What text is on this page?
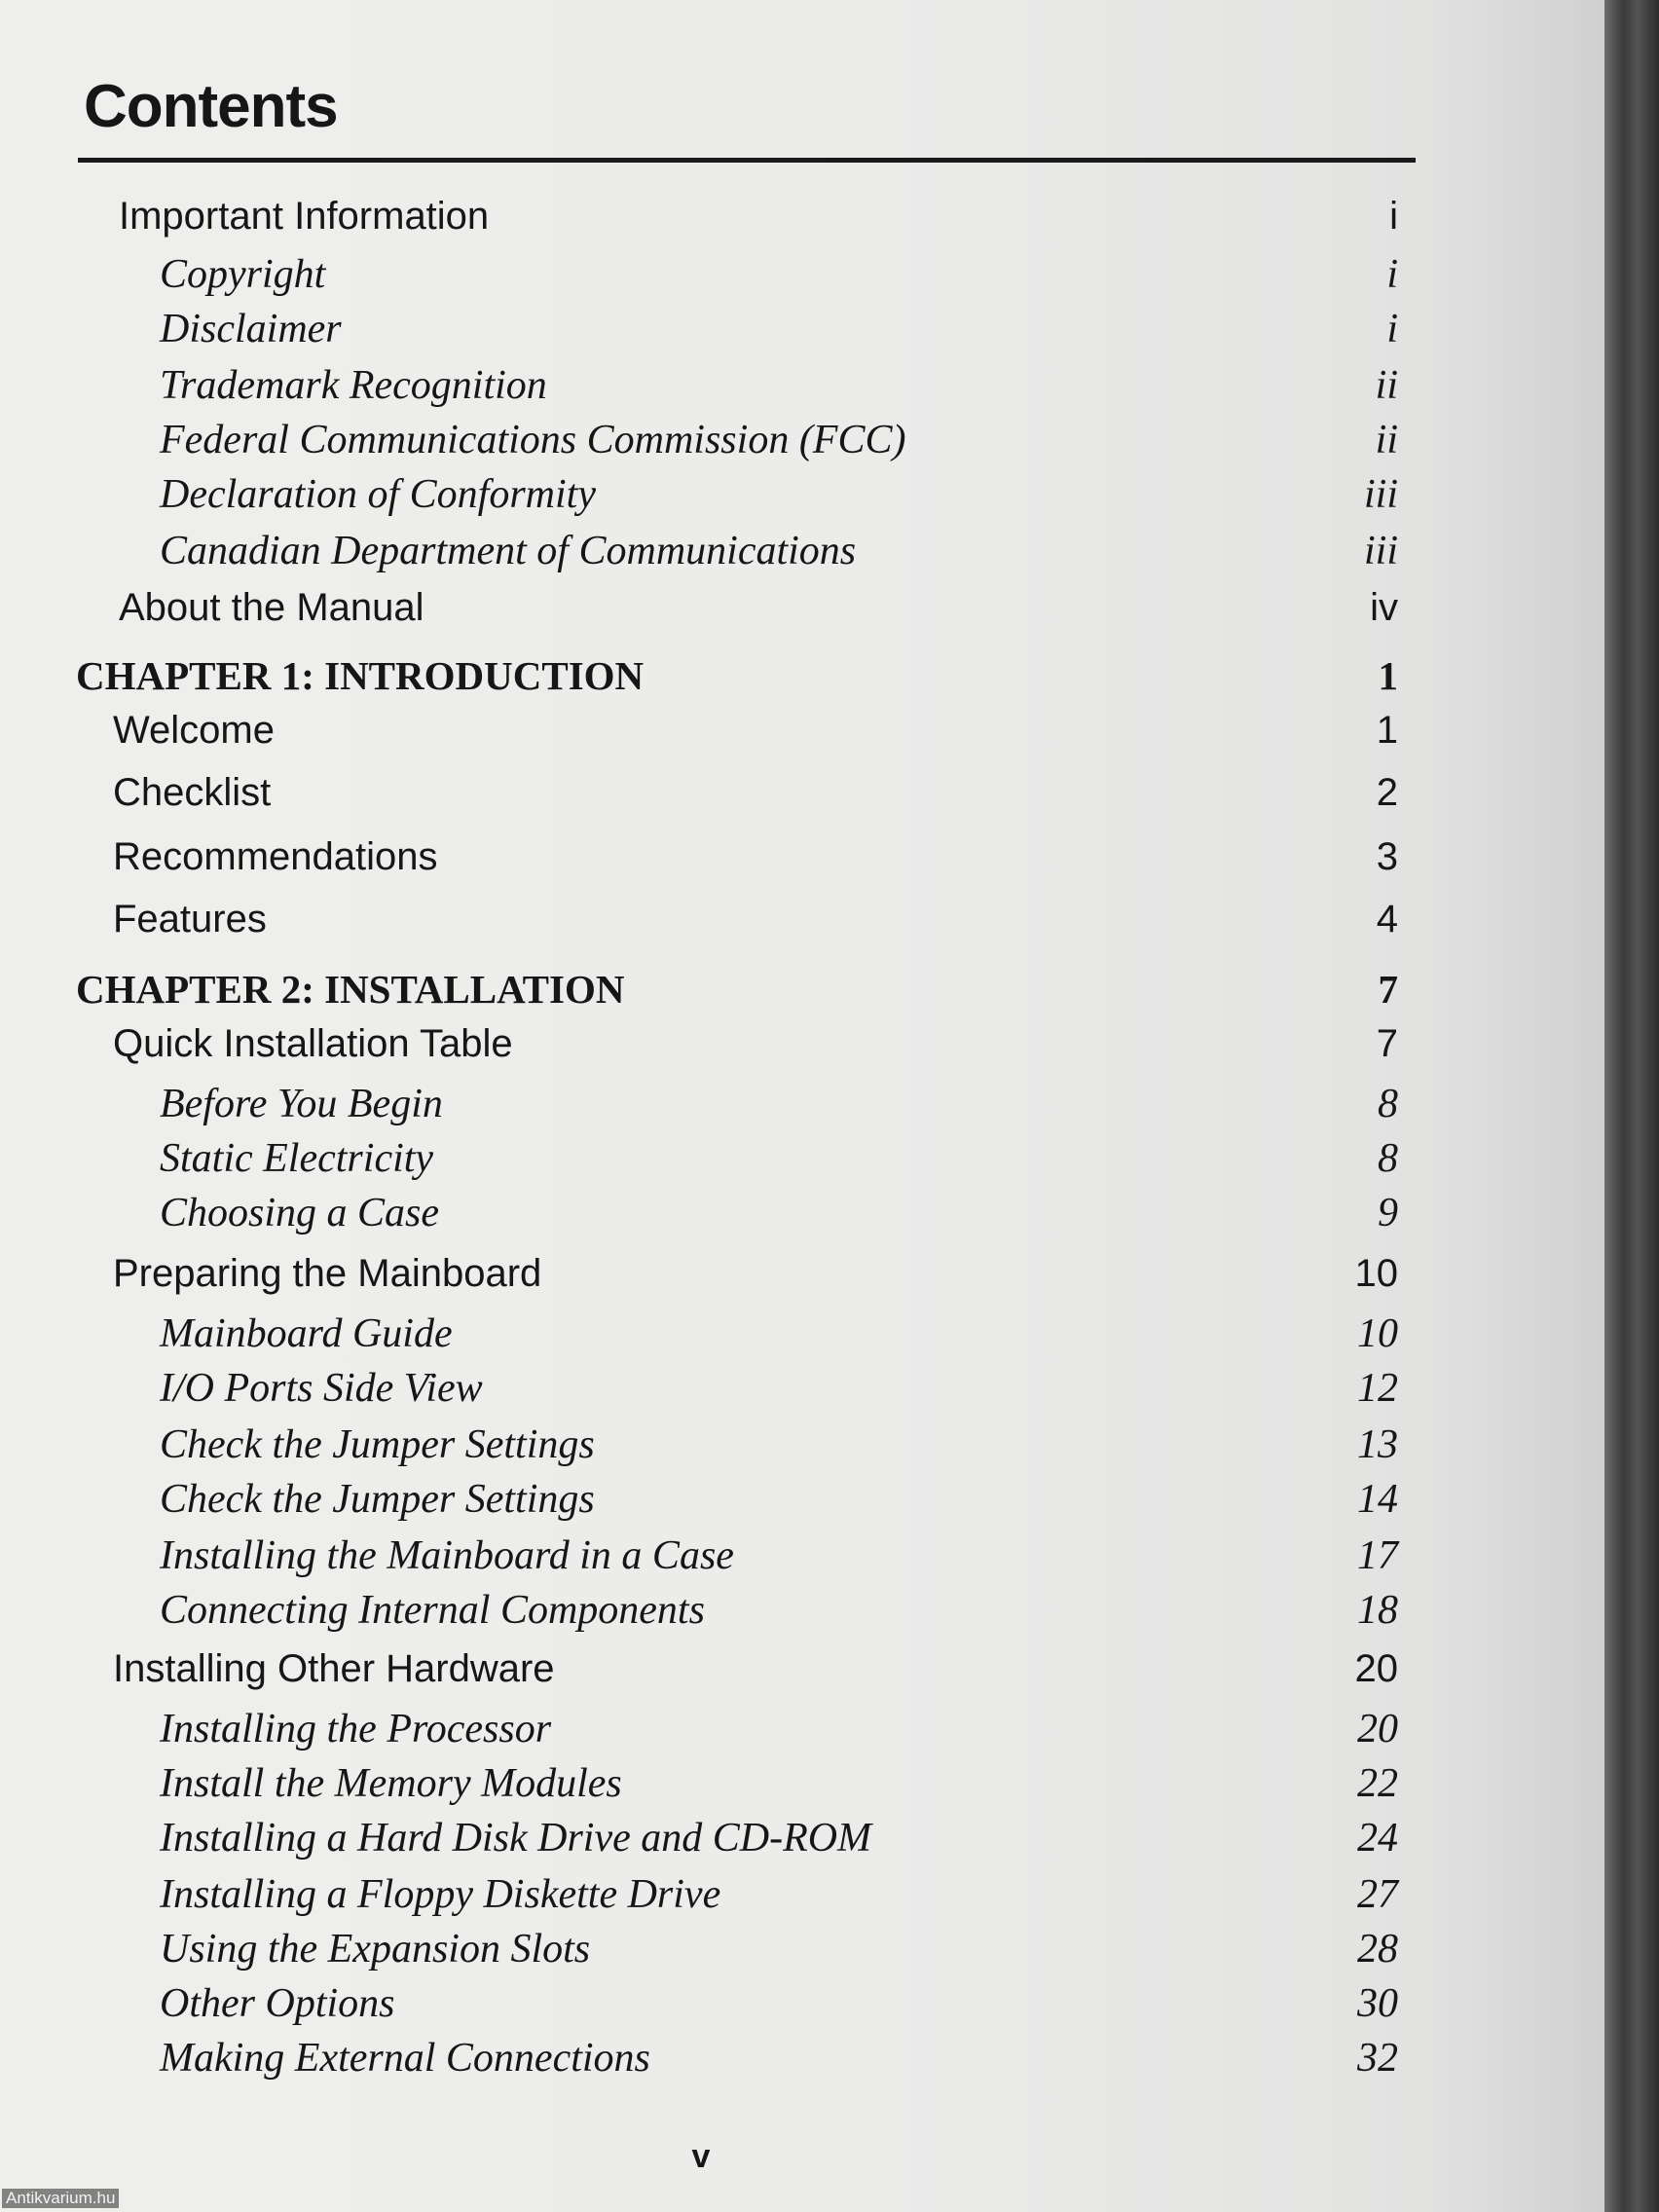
Contents
Important Information	i
Copyright	i
Disclaimer	i
Trademark Recognition	ii
Federal Communications Commission (FCC)	ii
Declaration of Conformity	iii
Canadian Department of Communications	iii
About the Manual	iv
CHAPTER 1: INTRODUCTION	1
Welcome	1
Checklist	2
Recommendations	3
Features	4
CHAPTER 2: INSTALLATION	7
Quick Installation Table	7
Before You Begin	8
Static Electricity	8
Choosing a Case	9
Preparing the Mainboard	10
Mainboard Guide	10
I/O Ports Side View	12
Check the Jumper Settings	13
Check the Jumper Settings	14
Installing the Mainboard in a Case	17
Connecting Internal Components	18
Installing Other Hardware	20
Installing the Processor	20
Install the Memory Modules	22
Installing a Hard Disk Drive and CD-ROM	24
Installing a Floppy Diskette Drive	27
Using the Expansion Slots	28
Other Options	30
Making External Connections	32
v
Antikvarium.hu
